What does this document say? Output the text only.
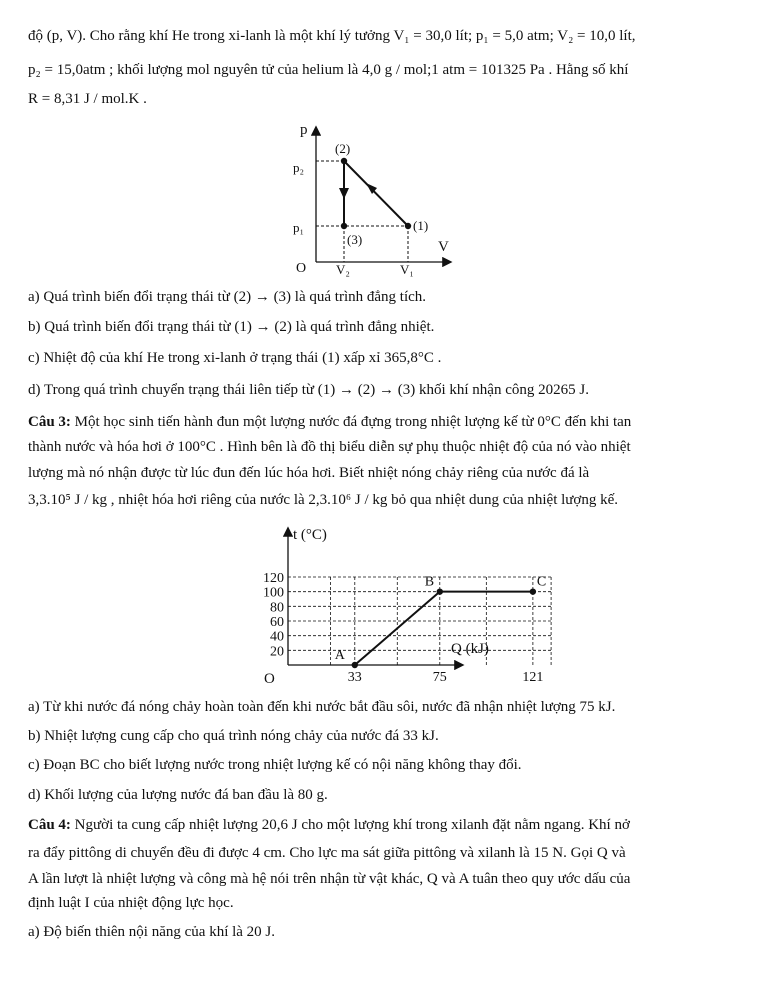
độ (p, V). Cho rằng khí He trong xi-lanh là một khí lý tưởng V₁ = 30,0 lít; p₁ = 5,0 atm; V₂ = 10,0 lít,
p₂ = 15,0atm ; khối lượng mol nguyên tử của helium là 4,0 g / mol;1 atm = 101325 Pa . Hằng số khí
R = 8,31 J / mol.K .
p
V
O
p₂
p₁
V₂	V₁
(2)
(1)
(3)
a) Quá trình biến đổi trạng thái từ (2) → (3) là quá trình đẳng tích.
b) Quá trình biến đổi trạng thái từ (1) → (2) là quá trình đẳng nhiệt.
c) Nhiệt độ của khí He trong xi-lanh ở trạng thái (1) xấp xỉ 365,8°C .
d) Trong quá trình chuyển trạng thái liên tiếp từ (1) → (2) → (3) khối khí nhận công 20265 J.
Câu 3: Một học sinh tiến hành đun một lượng nước đá đựng trong nhiệt lượng kế từ 0°C đến khi tan
thành nước và hóa hơi ở 100°C . Hình bên là đồ thị biểu diễn sự phụ thuộc nhiệt độ của nó vào nhiệt
lượng mà nó nhận được từ lúc đun đến lúc hóa hơi. Biết nhiệt nóng chảy riêng của nước đá là
3,3.10⁵ J / kg , nhiệt hóa hơi riêng của nước là 2,3.10⁶ J / kg bỏ qua nhiệt dung của nhiệt lượng kế.
A
B	C
120
100
80
60
40
20
33	75	121
t (°C)
Q (kJ)
O
a) Từ khi nước đá nóng chảy hoàn toàn đến khi nước bắt đầu sôi, nước đã nhận nhiệt lượng 75 kJ.
b) Nhiệt lượng cung cấp cho quá trình nóng chảy của nước đá 33 kJ.
c) Đoạn BC cho biết lượng nước trong nhiệt lượng kế có nội năng không thay đổi.
d) Khối lượng của lượng nước đá ban đầu là 80 g.
Câu 4: Người ta cung cấp nhiệt lượng 20,6 J cho một lượng khí trong xilanh đặt nằm ngang. Khí nở
ra đẩy pittông di chuyển đều đi được 4 cm. Cho lực ma sát giữa pittông và xilanh là 15 N. Gọi Q và
A lần lượt là nhiệt lượng và công mà hệ nói trên nhận từ vật khác, Q và A tuân theo quy ước dấu của
định luật I của nhiệt động lực học.
a) Độ biến thiên nội năng của khí là 20 J.
